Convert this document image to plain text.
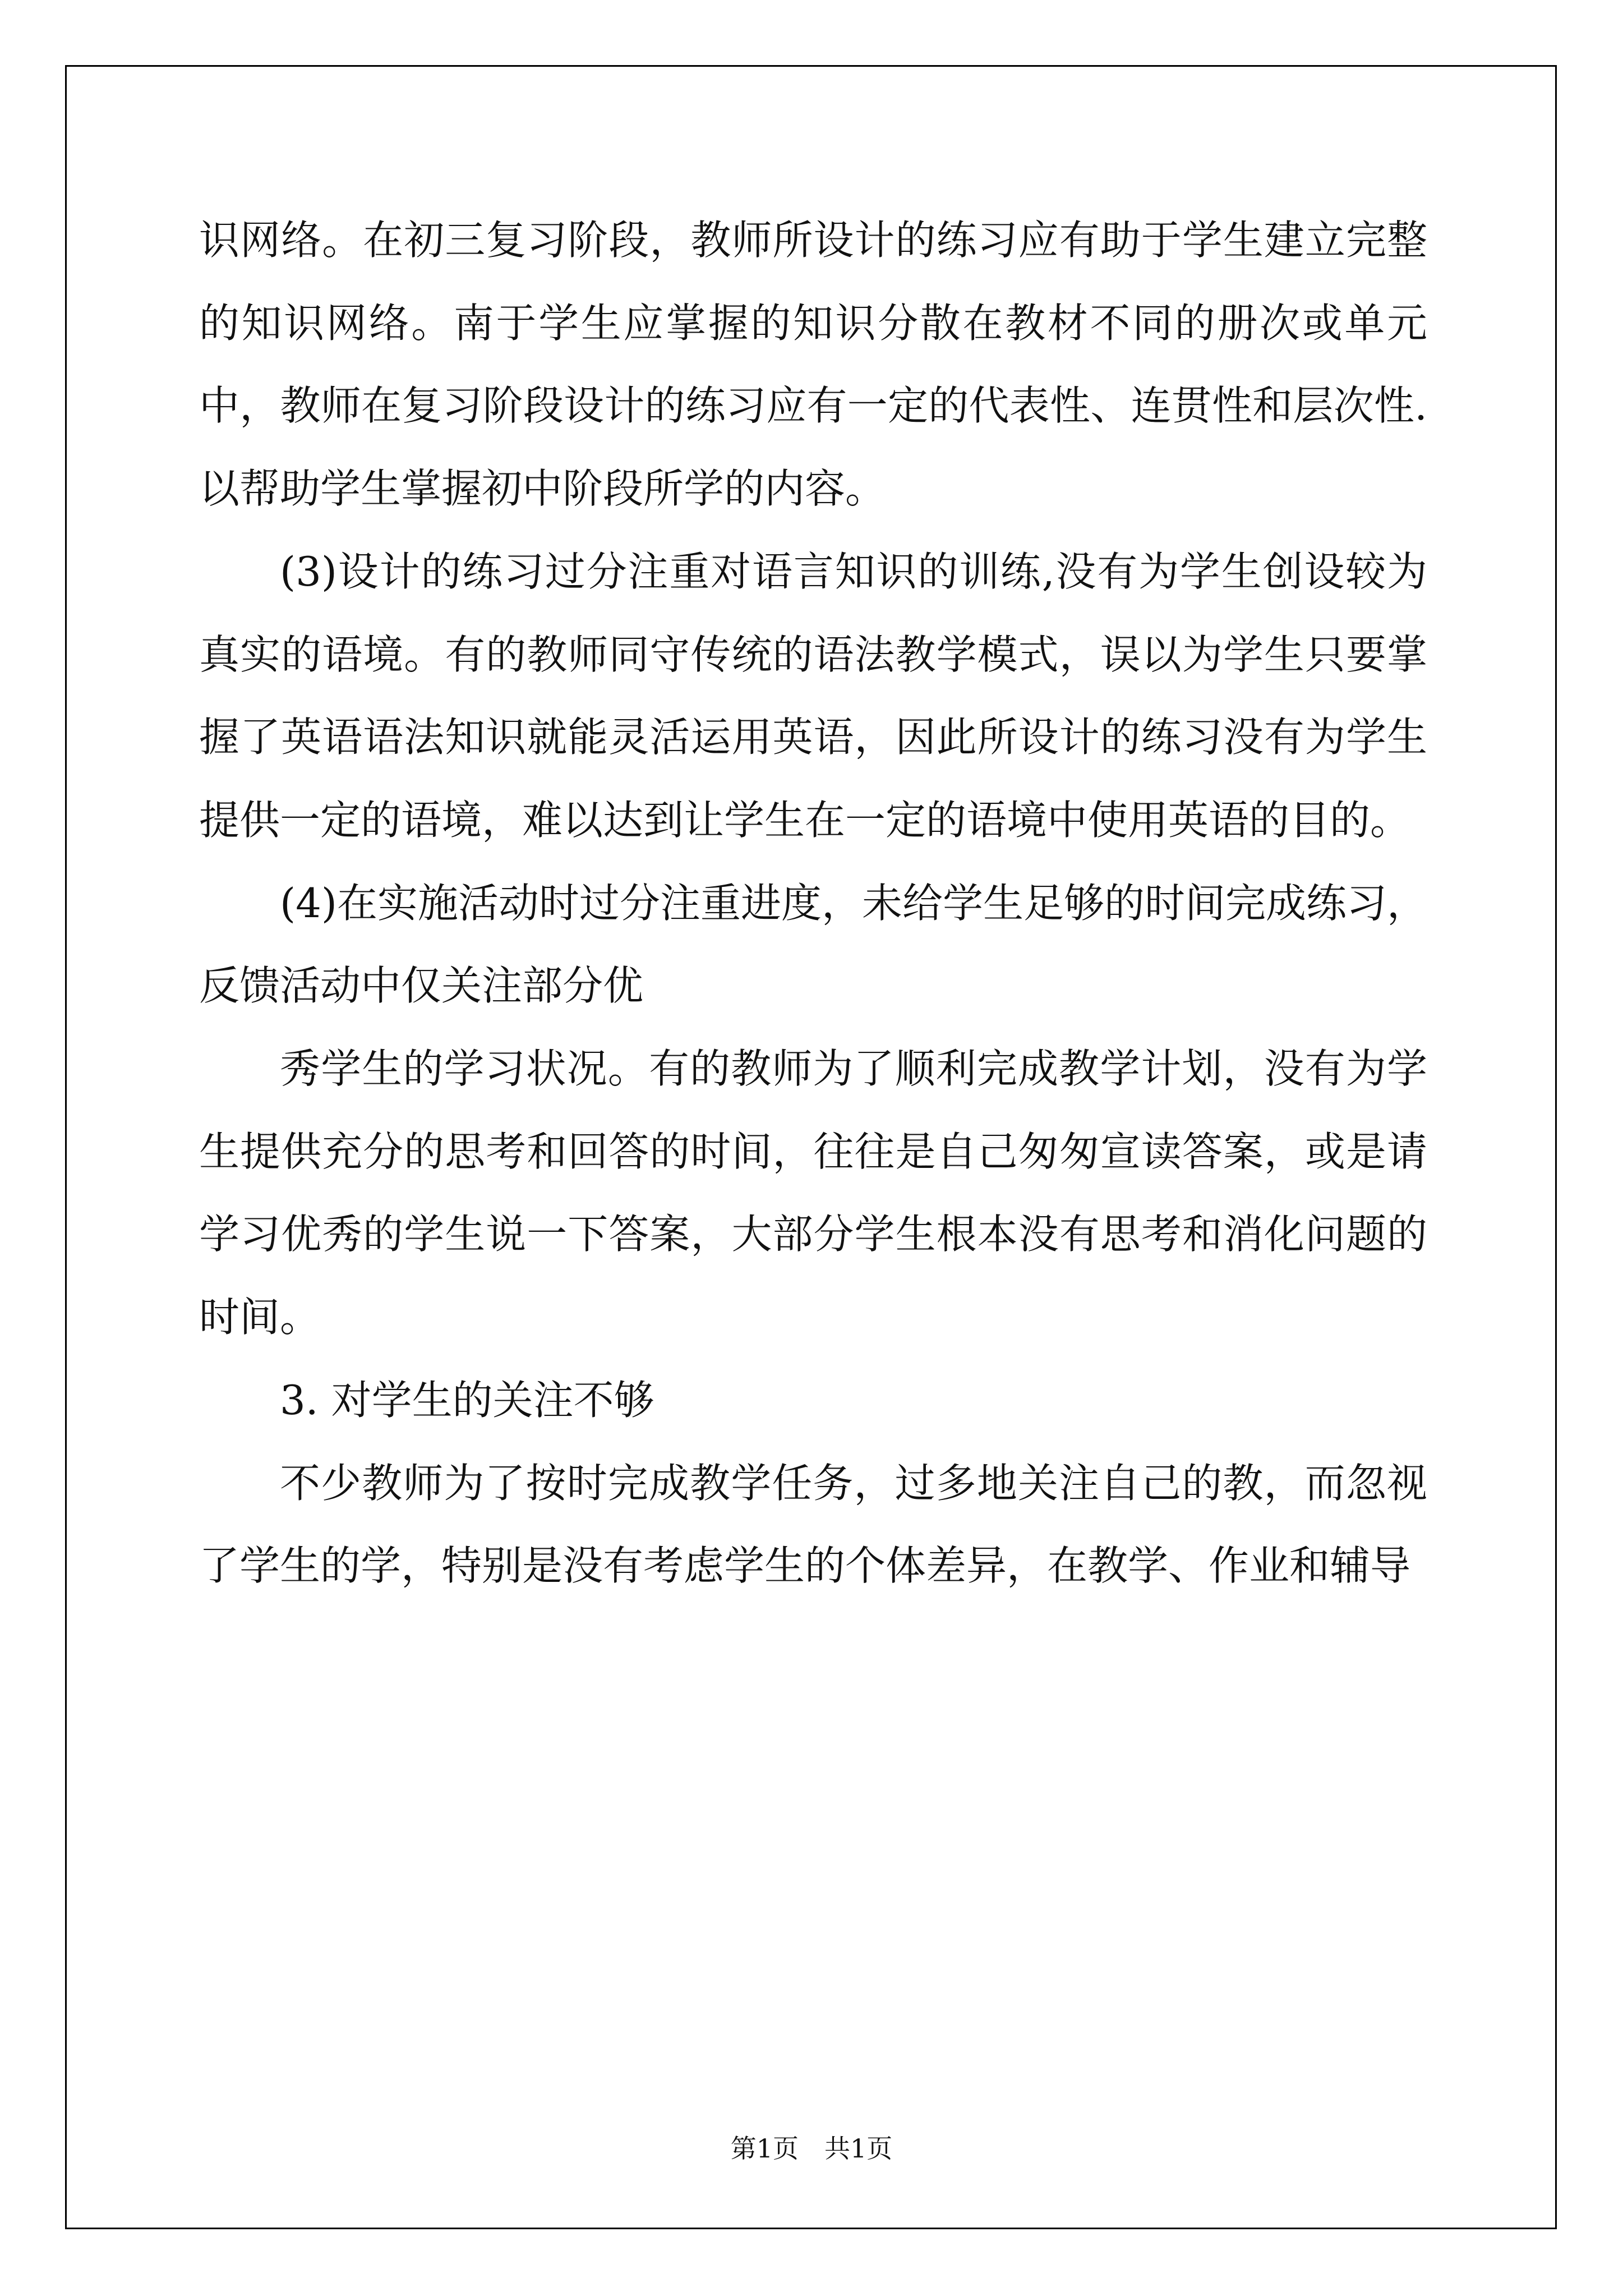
识网络。在初三复习阶段，教师所设计的练习应有助于学生建立完整的知识网络。南于学生应掌握的知识分散在教材不同的册次或单元中，教师在复习阶段设计的练习应有一定的代表性、连贯性和层次性. 以帮助学生掌握初中阶段所学的内容。

(3)设计的练习过分注重对语言知识的训练,没有为学生创设较为真实的语境。有的教师同守传统的语法教学模式，误以为学生只要掌握了英语语法知识就能灵活运用英语，因此所设计的练习没有为学生提供一定的语境，难以达到让学生在一定的语境中使用英语的目的。

(4)在实施活动时过分注重进度，未给学生足够的时间完成练习，反馈活动中仅关注部分优

秀学生的学习状况。有的教师为了顺利完成教学计划，没有为学生提供充分的思考和回答的时间，往往是自己匆匆宣读答案，或是请学习优秀的学生说一下答案，大部分学生根本没有思考和消化问题的时间。

3. 对学生的关注不够

不少教师为了按时完成教学任务，过多地关注自己的教，而忽视了学生的学，特别是没有考虑学生的个体差异，在教学、作业和辅导

第1页 共1页
